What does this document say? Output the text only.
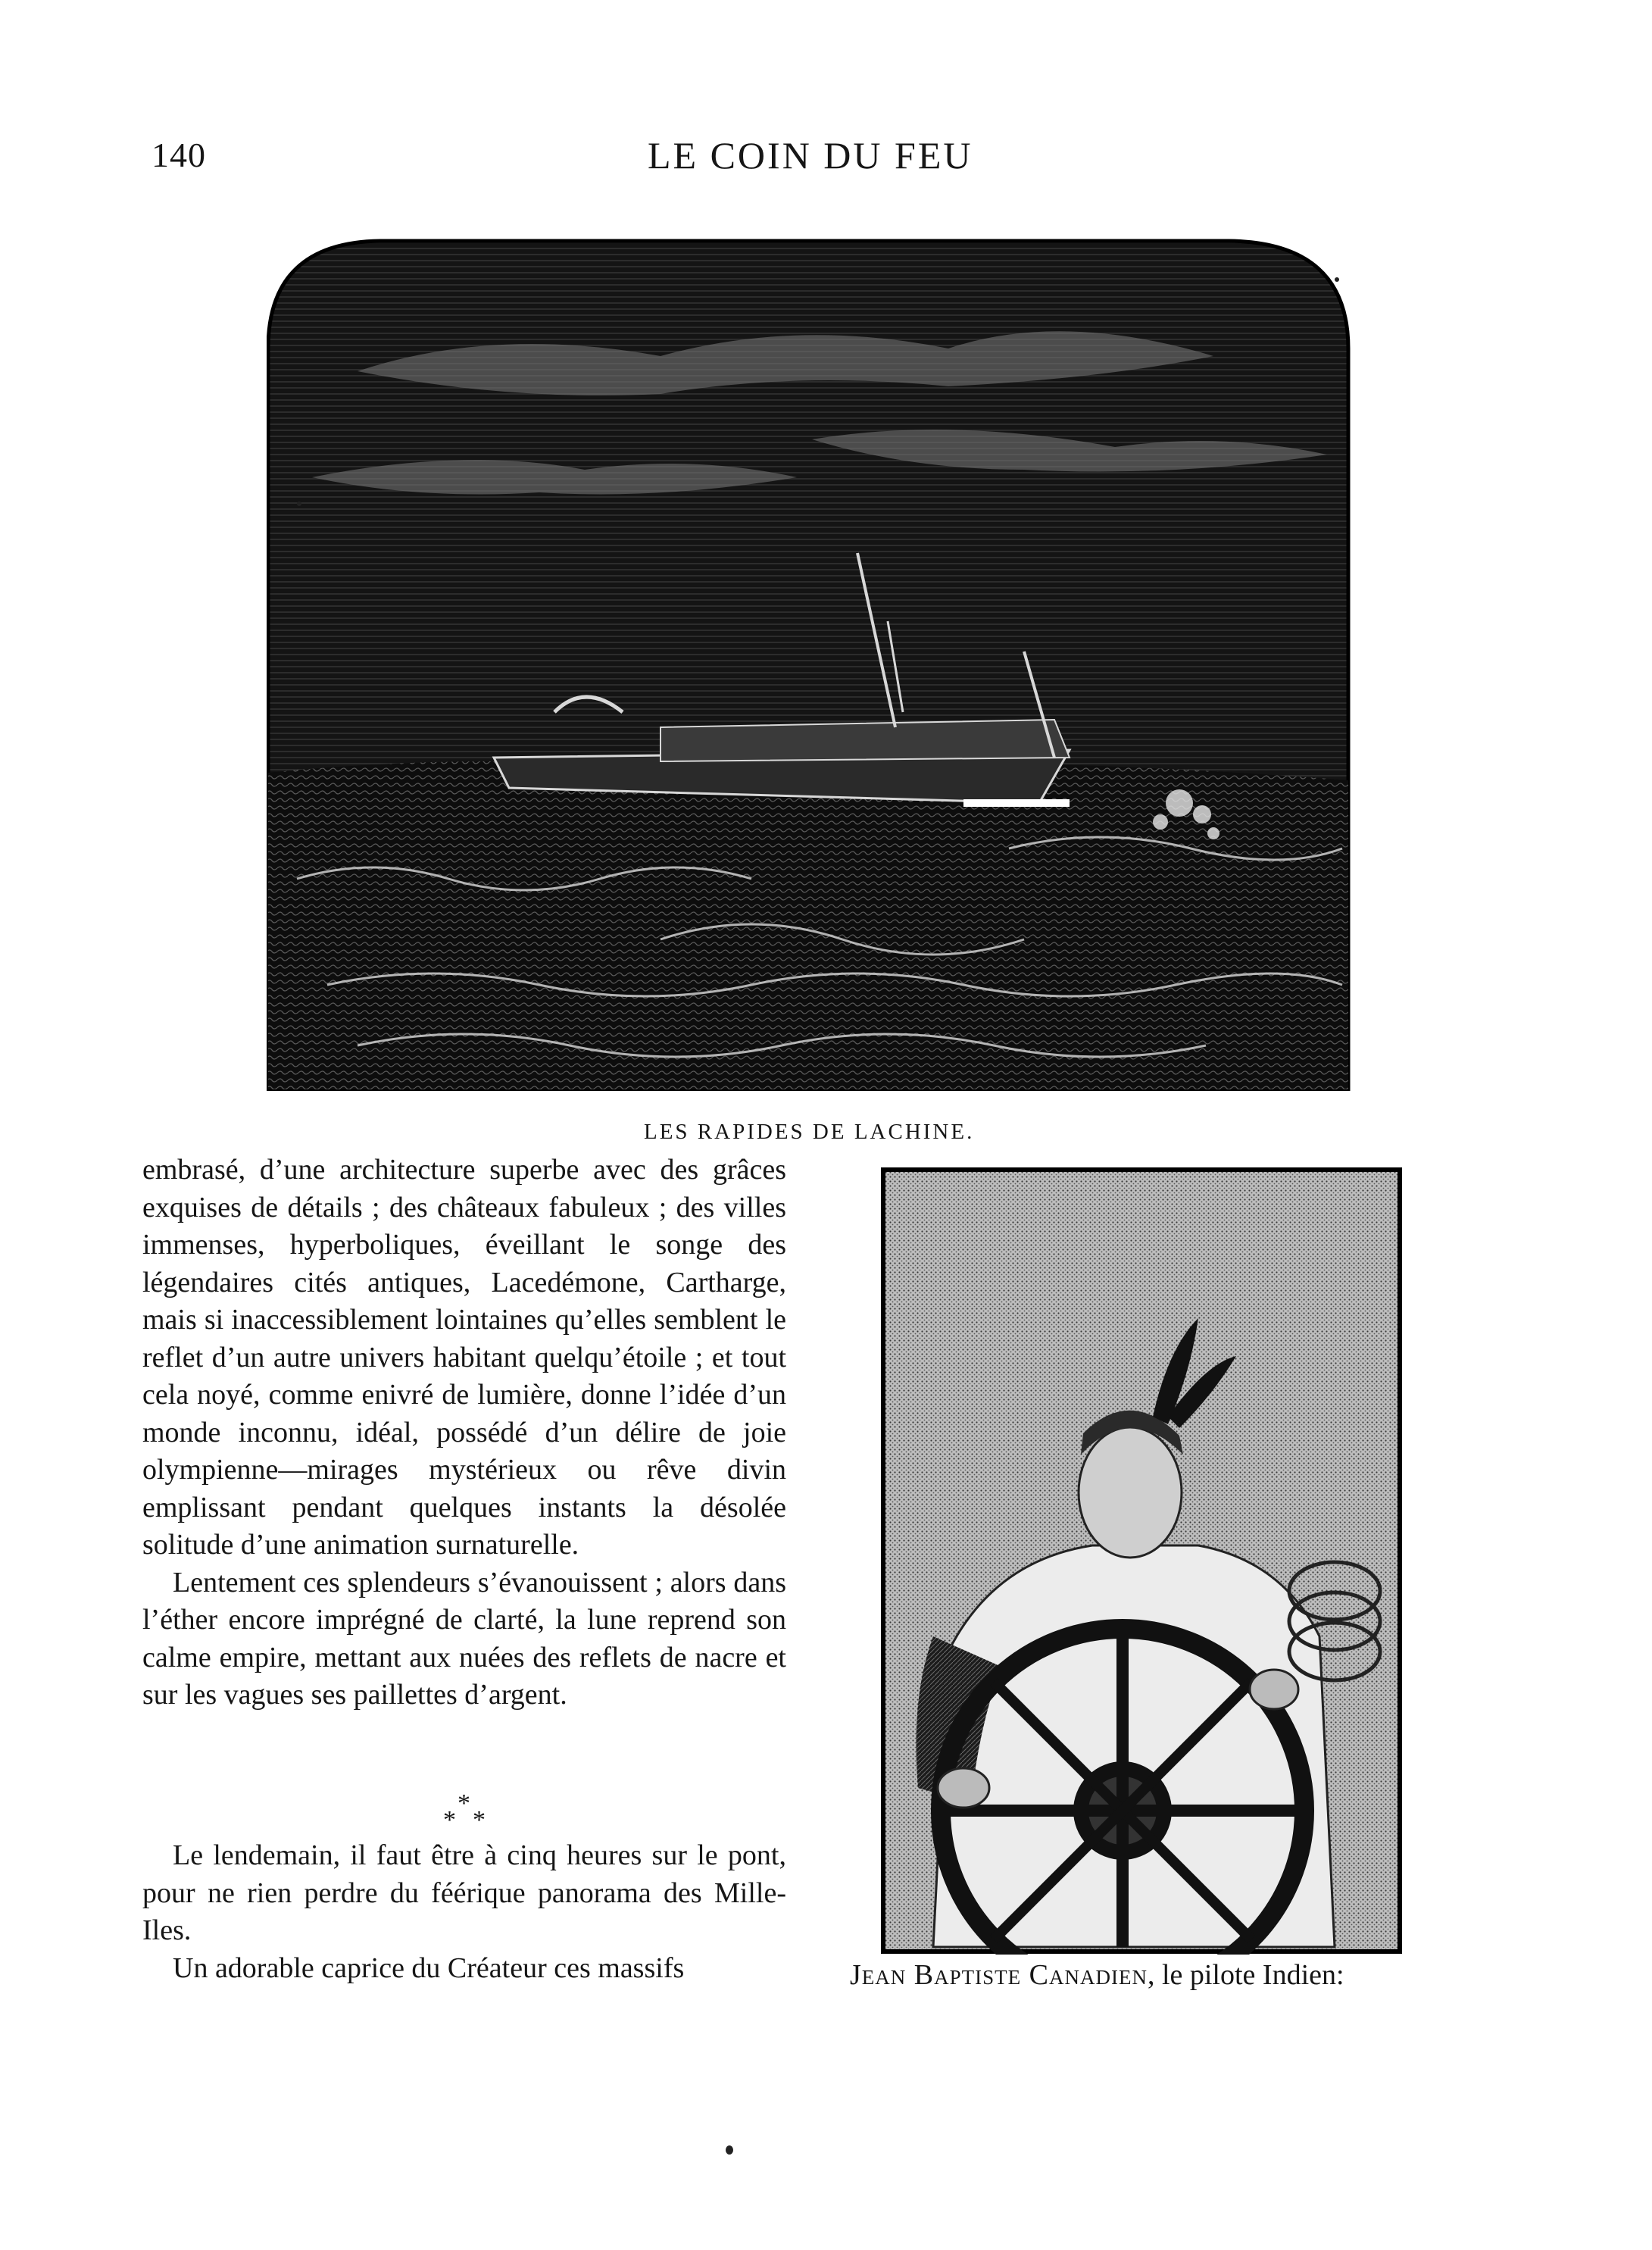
140	LE COIN DU FEU
LES RAPIDES DE LACHINE.

embrasé, d’une architecture superbe avec des grâces exquises de détails ; des châteaux fabuleux ; des villes immenses, hyperboliques, éveillant le songe des légendaires cités antiques, Lacedémone, Cartharge, mais si inaccessiblement lointaines qu’elles semblent le reflet d’un autre univers habitant quelqu’étoile ; et tout cela noyé, comme enivré de lumière, donne l’idée d’un monde inconnu, idéal, possédé d’un délire de joie olympienne—mirages mystérieux ou rêve divin emplissant pendant quelques instants la désolée solitude d’une animation surnaturelle.

Lentement ces splendeurs s’évanouissent ; alors dans l’éther encore imprégné de clarté, la lune reprend son calme empire, mettant aux nuées des reflets de nacre et sur les vagues ses paillettes d’argent.

*
* *

Le lendemain, il faut être à cinq heures sur le pont, pour ne rien perdre du féérique panorama des Mille-Iles.

Un adorable caprice du Créateur ces massifs	Jean Baptiste Canadien, le pilote Indien:
